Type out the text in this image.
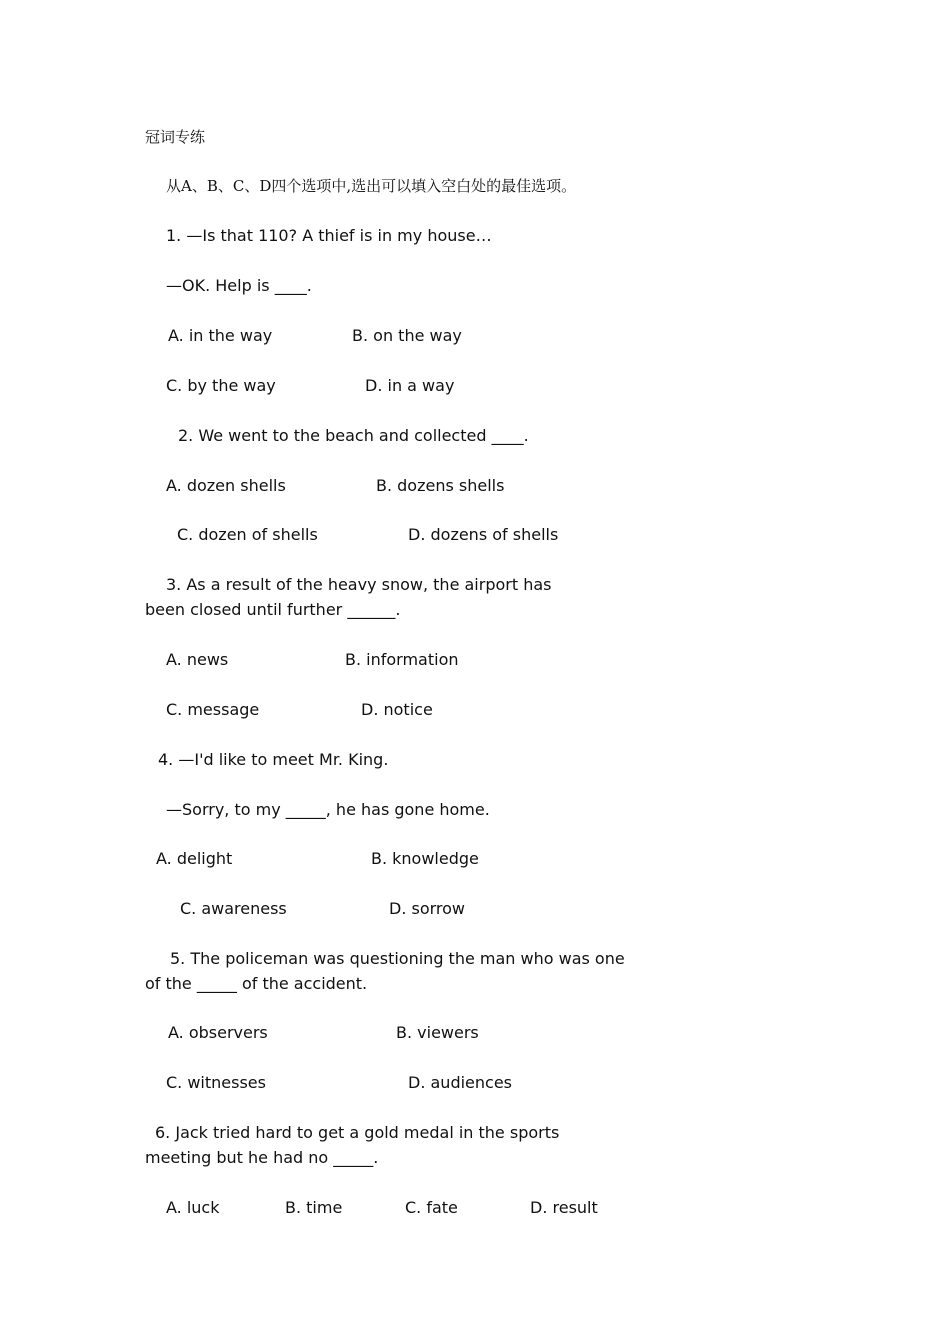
冠词专练
从A、B、C、D四个选项中,选出可以填入空白处的最佳选项。
1. —Is that 110? A thief is in my house…
—OK. Help is ____.
A. in the way	B. on the way
C. by the way	D. in a way
2. We went to the beach and collected ____.
A. dozen shells	B. dozens shells
C. dozen of shells	D. dozens of shells
3. As a result of the heavy snow, the airport has
been closed until further ______.
A. news	B. information
C. message	D. notice
4. —I'd like to meet Mr. King.
—Sorry, to my _____, he has gone home.
A. delight	B. knowledge
C. awareness	D. sorrow
5. The policeman was questioning the man who was one
of the _____ of the accident.
A. observers	B. viewers
C. witnesses	D. audiences
6. Jack tried hard to get a gold medal in the sports
meeting but he had no _____.
A. luck	B. time	C. fate	D. result
